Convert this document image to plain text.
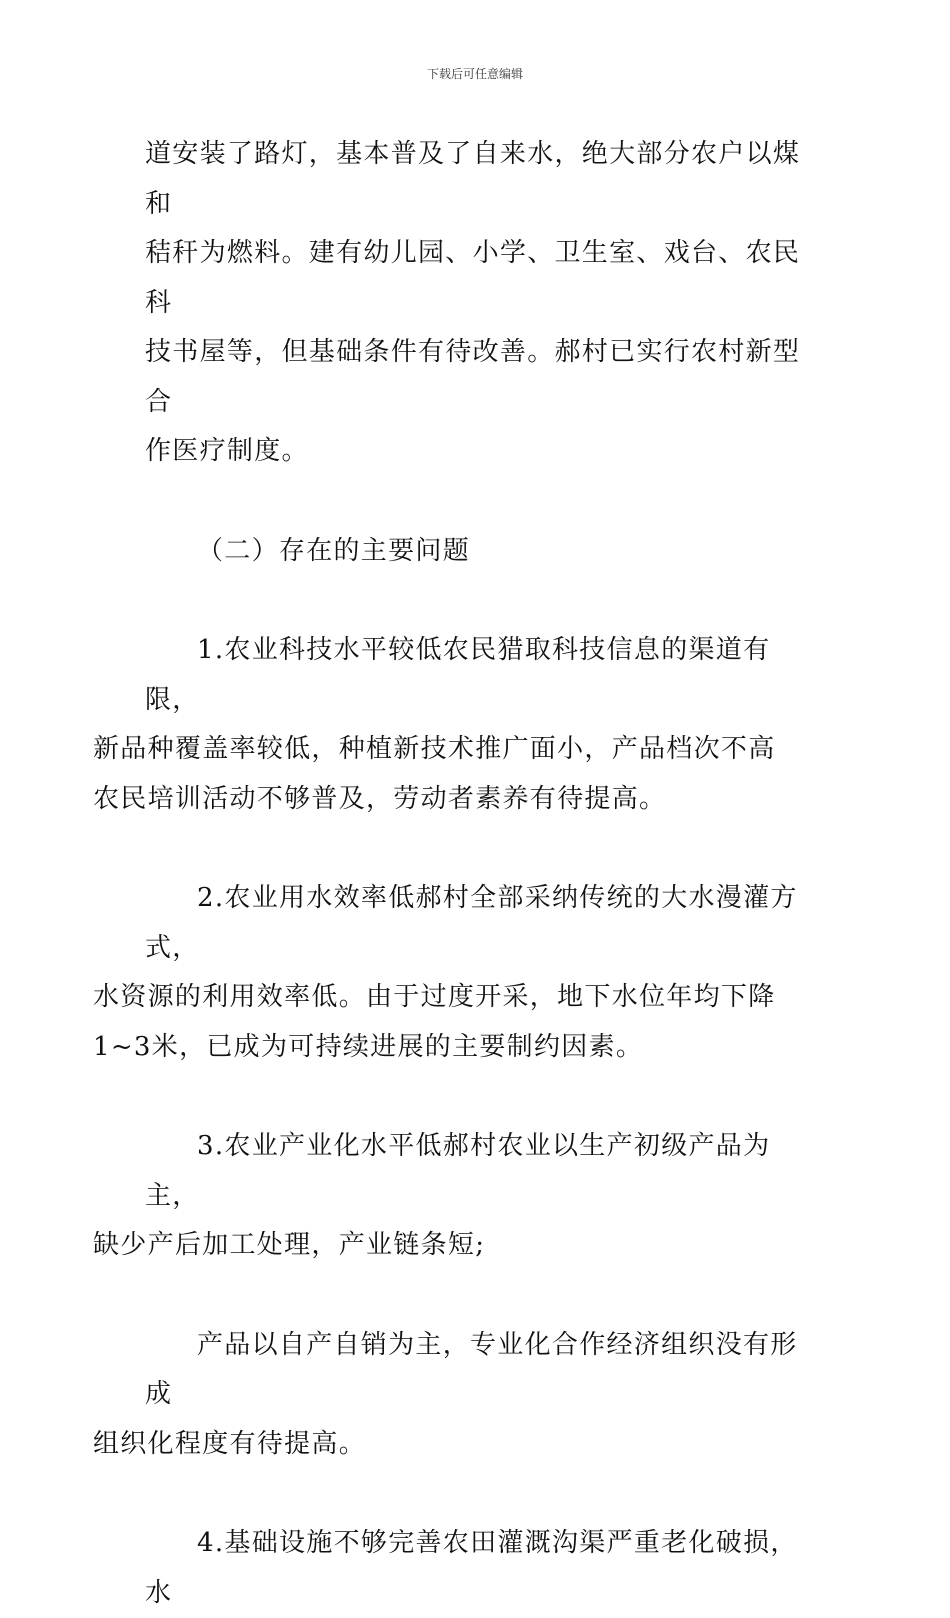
下载后可任意编辑

道安装了路灯，基本普及了自来水，绝大部分农户以煤和
秸秆为燃料。建有幼儿园、小学、卫生室、戏台、农民科
技书屋等，但基础条件有待改善。郝村已实行农村新型合
作医疗制度。

（二）存在的主要问题

1.农业科技水平较低农民猎取科技信息的渠道有限，
新品种覆盖率较低，种植新技术推广面小，产品档次不高
农民培训活动不够普及，劳动者素养有待提高。

2.农业用水效率低郝村全部采纳传统的大水漫灌方式，
水资源的利用效率低。由于过度开采，地下水位年均下降
1~3米，已成为可持续进展的主要制约因素。

3.农业产业化水平低郝村农业以生产初级产品为主，
缺少产后加工处理，产业链条短;

产品以自产自销为主，专业化合作经济组织没有形成
组织化程度有待提高。

4.基础设施不够完善农田灌溉沟渠严重老化破损，水
